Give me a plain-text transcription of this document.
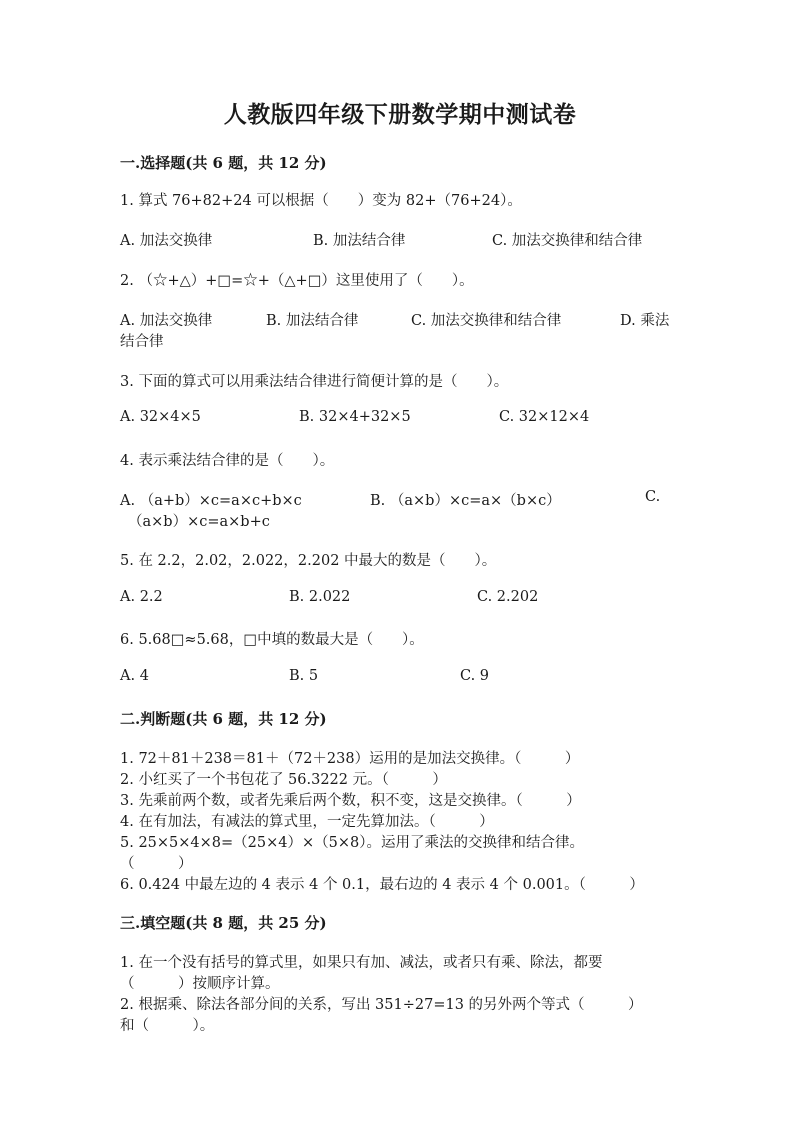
人教版四年级下册数学期中测试卷
一.选择题(共 6 题，共 12 分)
1. 算式 76+82+24 可以根据（　　）变为 82+（76+24）。
A. 加法交换律	B. 加法结合律	C. 加法交换律和结合律
2. （☆+△）+□=☆+（△+□）这里使用了（　　）。
A. 加法交换律	B. 加法结合律	C. 加法交换律和结合律	D. 乘法
结合律
3. 下面的算式可以用乘法结合律进行简便计算的是（　　）。
A. 32×4×5	B. 32×4+32×5	C. 32×12×4
4. 表示乘法结合律的是（　　）。
A. （a+b）×c=a×c+b×c	B. （a×b）×c=a×（b×c）	C.
（a×b）×c=a×b+c
5. 在 2.2，2.02，2.022，2.202 中最大的数是（　　）。
A. 2.2	B. 2.022	C. 2.202
6. 5.68□≈5.68，□中填的数最大是（　　）。
A. 4	B. 5	C. 9
二.判断题(共 6 题，共 12 分)
1. 72＋81＋238＝81＋（72＋238）运用的是加法交换律。（　　　）
2. 小红买了一个书包花了 56.3222 元。（　　　）
3. 先乘前两个数，或者先乘后两个数，积不变，这是交换律。（　　　）
4. 在有加法，有减法的算式里，一定先算加法。（　　　）
5. 25×5×4×8=（25×4）×（5×8）。运用了乘法的交换律和结合律。
（　　　）
6. 0.424 中最左边的 4 表示 4 个 0.1，最右边的 4 表示 4 个 0.001。（　　　）
三.填空题(共 8 题，共 25 分)
1. 在一个没有括号的算式里，如果只有加、减法，或者只有乘、除法，都要
（　　　）按顺序计算。
2. 根据乘、除法各部分间的关系，写出 351÷27=13 的另外两个等式（　　　）
和（　　　）。
